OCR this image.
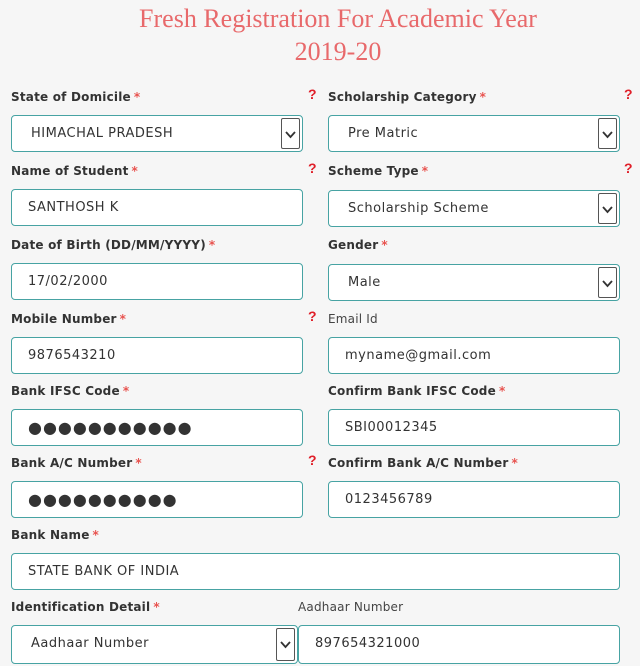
Fresh Registration For Academic Year
2019-20
State of Domicile *	?
HIMACHAL PRADESH
Scholarship Category *	?
Pre Matric
Name of Student *	?
SANTHOSH K
Scheme Type *	?
Scholarship Scheme
Date of Birth (DD/MM/YYYY) *
17/02/2000
Gender *
Male
Mobile Number *	?
9876543210
Email Id
myname@gmail.com
Bank IFSC Code *
●●●●●●●●●●●
Confirm Bank IFSC Code *
SBI00012345
Bank A/C Number *	?
●●●●●●●●●●
Confirm Bank A/C Number *
0123456789
Bank Name *
STATE BANK OF INDIA
Identification Detail *
Aadhaar Number
Aadhaar Number
897654321000
